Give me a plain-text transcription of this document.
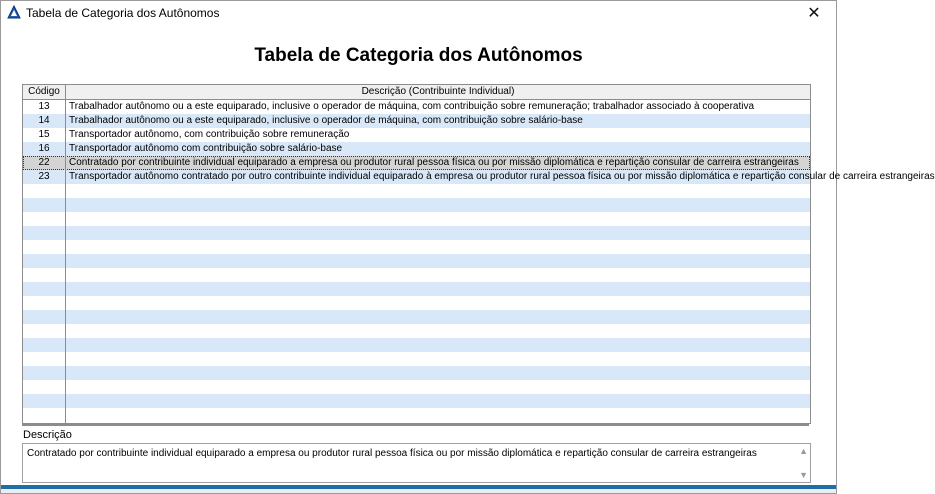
Tabela de Categoria dos Autônomos	✕
Tabela de Categoria dos Autônomos
Código	Descrição (Contribuinte Individual)
13	Trabalhador autônomo ou a este equiparado, inclusive o operador de máquina, com contribuição sobre remuneração; trabalhador associado à cooperativa
14	Trabalhador autônomo ou a este equiparado, inclusive o operador de máquina, com contribuição sobre salário-base
15	Transportador autônomo, com contribuição sobre remuneração
16	Transportador autônomo com contribuição sobre salário-base
22	Contratado por contribuinte individual equiparado a empresa ou produtor rural pessoa física ou por missão diplomática e repartição consular de carreira estrangeiras
23	Transportador autônomo contratado por outro contribuinte individual equiparado à empresa ou produtor rural pessoa física ou por missão diplomática e repartição consular de carreira estrangeiras
Descrição
Contratado por contribuinte individual equiparado a empresa ou produtor rural pessoa física ou por missão diplomática e repartição consular de carreira estrangeiras	▲
▼
